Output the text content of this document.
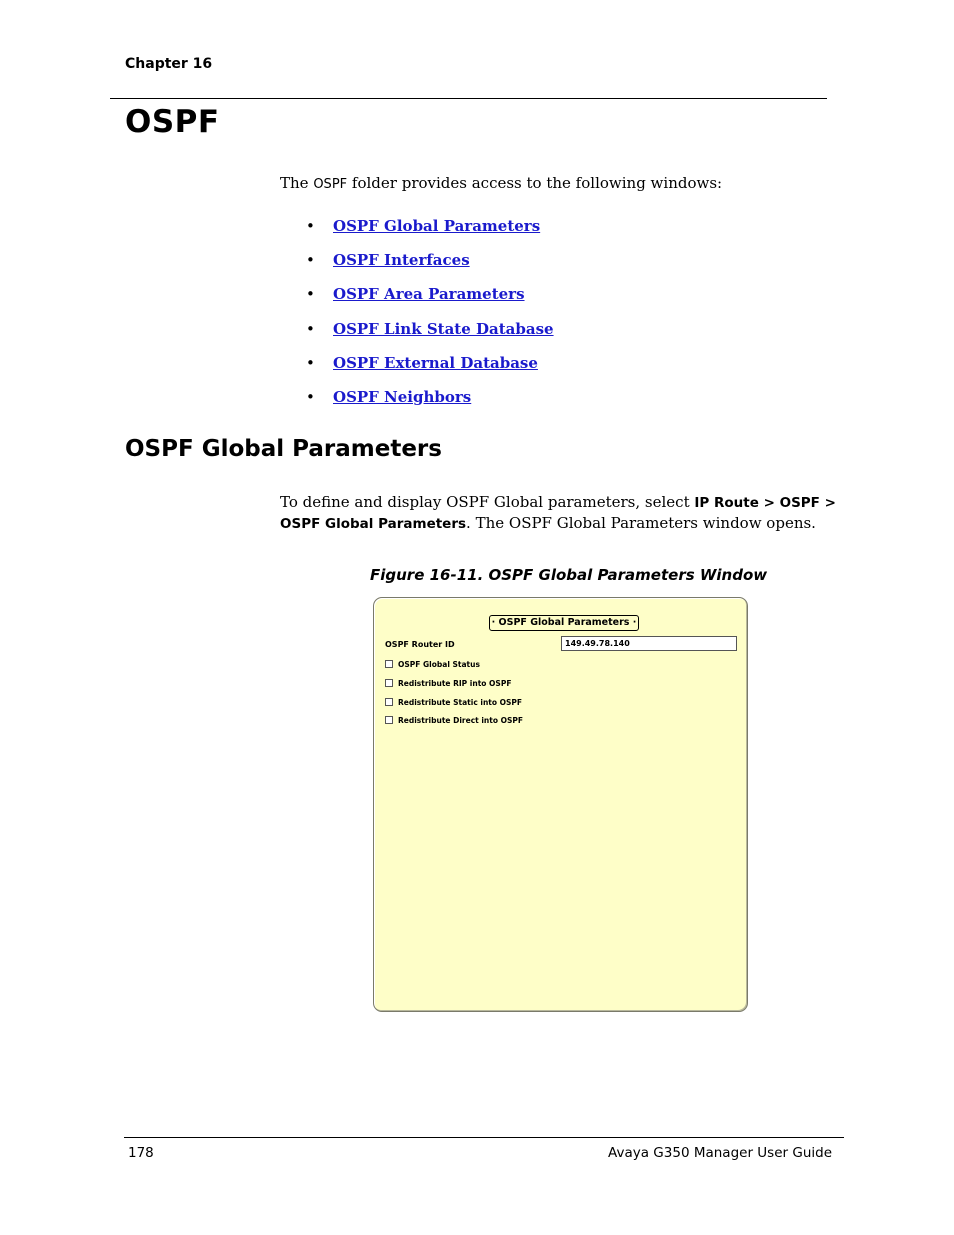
Chapter 16
OSPF
The OSPF folder provides access to the following windows:
•	OSPF Global Parameters
•	OSPF Interfaces
•	OSPF Area Parameters
•	OSPF Link State Database
•	OSPF External Database
•	OSPF Neighbors
OSPF Global Parameters
To define and display OSPF Global parameters, select IP Route > OSPF > OSPF Global Parameters. The OSPF Global Parameters window opens.
Figure 16-11. OSPF Global Parameters Window
· OSPF Global Parameters ·
OSPF Router ID	149.49.78.140
OSPF Global Status
Redistribute RIP into OSPF
Redistribute Static into OSPF
Redistribute Direct into OSPF
178	Avaya G350 Manager User Guide
